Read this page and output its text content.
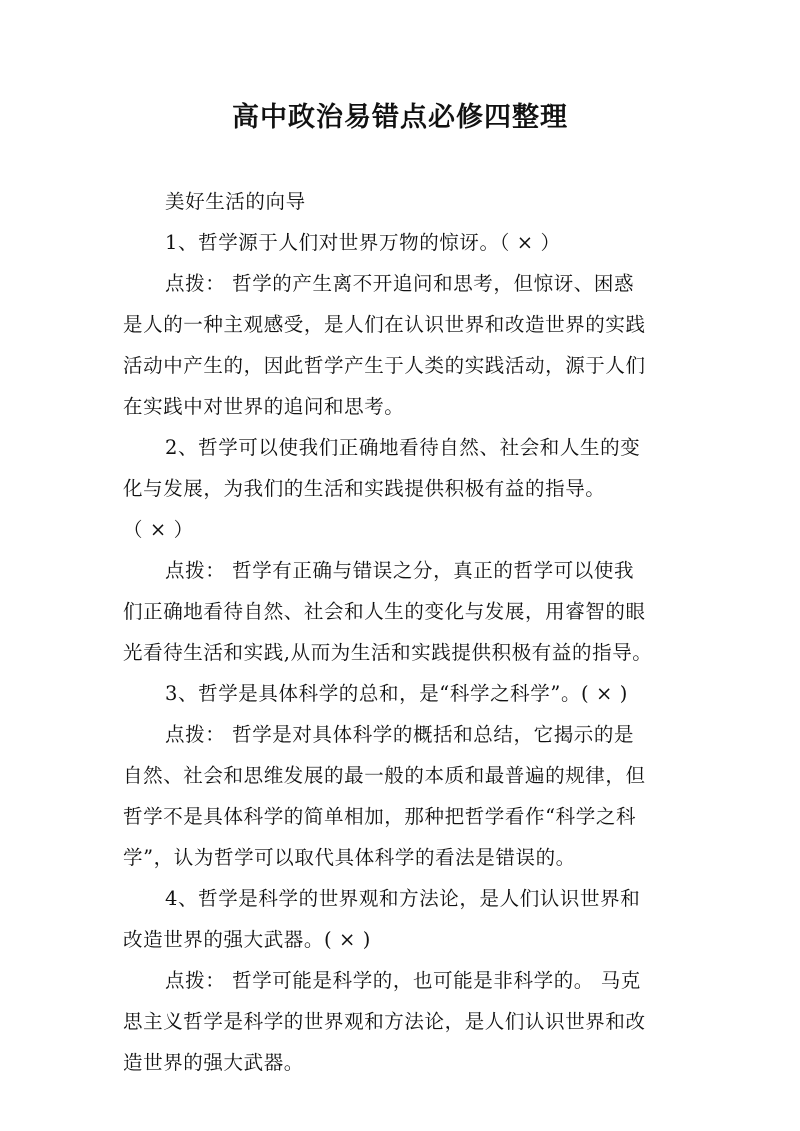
高中政治易错点必修四整理
美好生活的向导
1、哲学源于人们对世界万物的惊讶。（ × ）
点拨： 哲学的产生离不开追问和思考，但惊讶、困惑
是人的一种主观感受，是人们在认识世界和改造世界的实践
活动中产生的，因此哲学产生于人类的实践活动，源于人们
在实践中对世界的追问和思考。
2、哲学可以使我们正确地看待自然、社会和人生的变
化与发展，为我们的生活和实践提供积极有益的指导。
（ × ）
点拨： 哲学有正确与错误之分，真正的哲学可以使我
们正确地看待自然、社会和人生的变化与发展，用睿智的眼
光看待生活和实践,从而为生活和实践提供积极有益的指导。
3、哲学是具体科学的总和，是“科学之科学”。( × )
点拨： 哲学是对具体科学的概括和总结，它揭示的是
自然、社会和思维发展的最一般的本质和最普遍的规律，但
哲学不是具体科学的简单相加，那种把哲学看作“科学之科
学”，认为哲学可以取代具体科学的看法是错误的。
4、哲学是科学的世界观和方法论，是人们认识世界和
改造世界的强大武器。( × )
点拨： 哲学可能是科学的，也可能是非科学的。 马克
思主义哲学是科学的世界观和方法论，是人们认识世界和改
造世界的强大武器。
